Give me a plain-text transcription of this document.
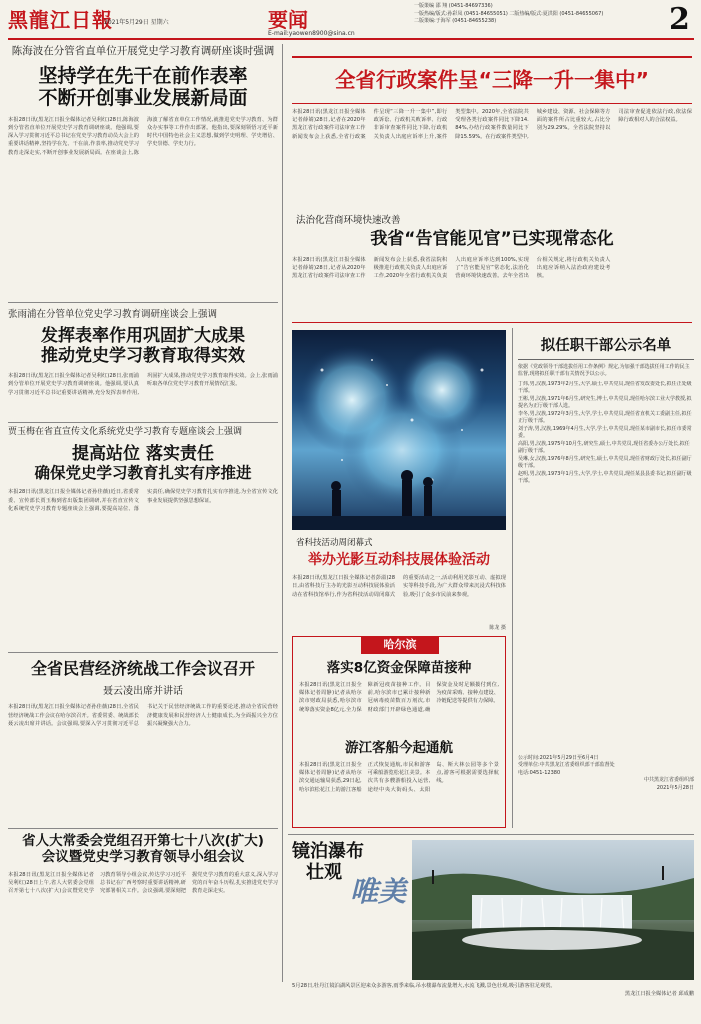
黑龍江日報
2021年5月29日 星期六	要闻
E-mail:yaowen8900@sina.cn
一版策编 邵 翔 (0451-84697336)
一版热编/版式:孙彩凤 (0451-84655051) 二版热编/版式:夏洪阳 (0451-84655067)
二版策编:于海军 (0451-84655238)	2
陈海波在分管省直单位开展党史学习教育调研座谈时强调
坚持学在先干在前作表率
不断开创事业发展新局面
本报28日讯(黑龙江日报全媒体记者吴利红)28日,陈海波到分管省直单位开展党史学习教育调研座谈。他强调,要深入学习贯彻习近平总书记在党史学习教育动员大会上的重要讲话精神,坚持学在先、干在前,作表率,推动党史学习教育走深走实,不断开创事业发展新局面。在座谈会上,陈海波了解省直单位工作情况,就推进党史学习教育、为群众办实事等工作作出部署。他指出,要深刻领悟习近平新时代中国特色社会主义思想,做到学史明理、学史增信、学史崇德、学史力行。
张雨浦在分管单位党史学习教育调研座谈会上强调
发挥表率作用巩固扩大成果
推动党史学习教育取得实效
本报28日讯(黑龙江日报全媒体记者吴利红)28日,张雨浦到分管单位开展党史学习教育调研座谈。他强调,要认真学习贯彻习近平总书记重要讲话精神,充分发挥表率作用,巩固扩大成果,推动党史学习教育取得实效。会上,张雨浦听取各单位党史学习教育开展情况汇报。
贾玉梅在省直宣传文化系统党史学习教育专题座谈会上强调
提高站位 落实责任
确保党史学习教育扎实有序推进
本报28日讯(黑龙江日报全媒体记者孙佳薇)近日,省委常委、宣传部长贾玉梅到省出版集团调研,并在省直宣传文化系统党史学习教育专题座谈会上强调,要提高站位、落实责任,确保党史学习教育扎实有序推进,为全省宣传文化事业发展提供坚强思想保证。
全省民营经济统战工作会议召开
聂云凌出席并讲话
本报28日讯(黑龙江日报全媒体记者孙佳薇)28日,全省民营经济统战工作会议在哈尔滨召开。省委常委、统战部长聂云凌出席并讲话。会议强调,要深入学习贯彻习近平总书记关于民营经济统战工作的重要论述,推动全省民营经济健康发展和民营经济人士健康成长,为全面振兴全方位振兴凝聚强大合力。
省人大常委会党组召开第七十八次(扩大)
会议暨党史学习教育领导小组会议
本报28日讯(黑龙江日报全媒体记者吴利红)28日上午,省人大常委会党组召开第七十八次(扩大)会议暨党史学习教育领导小组会议,传达学习习近平总书记在广西考察时重要讲话精神,研究部署相关工作。会议强调,要深刻把握党史学习教育的重大意义,深入学习党的百年奋斗历程,扎实推进党史学习教育走深走实。
全省行政案件呈“三降一升一集中”
本报28日讯(黑龙江日报全媒体记者薛婧)28日,记者在2020年黑龙江省行政案件司法审查工作新闻发布会上获悉,全省行政案件呈现“三降一升一集中”,即行政诉讼、行政机关败诉率、行政非诉审查案件同比下降,行政机关负责人出庭应诉率上升,案件类型集中。2020年,全省法院共受理各类行政案件同比下降14.84%,办结行政案件数量同比下降15.59%。在行政案件类型中,城乡建设、资源、社会保障等方面的案件所占比重较大,占比分别为29.29%。全省法院坚持以司法审查促进依法行政,依法保障行政相对人的合法权益。
法治化营商环境快速改善
我省“告官能见官”已实现常态化
本报28日讯(黑龙江日报全媒体记者薛婧)28日,记者从2020年黑龙江省行政案件司法审查工作新闻发布会上获悉,我省法院积极推进行政机关负责人出庭应诉工作,2020年全省行政机关负责人出庭应诉率达到100%,实现了“告官能见官”常态化,法治化营商环境快速改善。去年全省出台相关规定,将行政机关负责人出庭应诉纳入法治政府建设考核。
省科技活动周闭幕式
举办光影互动科技展体验活动
本报28日讯(黑龙江日报全媒体记者彭溢)28日,由省科技厅主办的光影互动科技展体验活动在省科技馆举行,作为省科技活动周闭幕式的重要活动之一,活动利用光影互动、虚拟现实等科技手段,为广大群众带来沉浸式科技体验,吸引了众多市民前来参观。
陈龙 摄
哈尔滨
落实8亿资金保障苗接种
本报28日讯(黑龙江日报全媒体记者周静)记者从哈尔滨市财政局获悉,哈尔滨市统筹落实资金8亿元,全力保障新冠疫苗接种工作。目前,哈尔滨市已累计接种新冠病毒疫苗数百万剂次,市财政部门开辟绿色通道,确保资金及时足额拨付到位,为疫苗采购、接种点建设、冷链配送等提供有力保障。
游江客船今起通航
本报28日讯(黑龙江日报全媒体记者周静)记者从哈尔滨交通运输局获悉,29日起,哈尔滨松花江上的游江客船正式恢复通航,市民和游客可乘船游览松花江美景。本次共有多艘游船投入运营,途经中央大街码头、太阳岛、斯大林公园等多个景点,游客可根据需要选择航线。
拟任职干部公示名单
依据《党政领导干部选拔任用工作条例》规定,为加强干部选拔任用工作的民主监督,现将拟任职干部有关情况予以公示。
丁炜,男,汉族,1973年2月生,大学,硕士,中共党员,现任省发改委处长,拟任正处级干部。
王彬,男,汉族,1971年6月生,研究生,博士,中共党员,现任哈尔滨工业大学教授,拟提名为正厅级干部人选。
李冬,男,汉族,1972年3月生,大学,学士,中共党员,现任省直机关工委副主任,拟任正厅级干部。
刘子涛,男,汉族,1969年4月生,大学,学士,中共党员,现任某市副市长,拟任市委常委。
高阳,男,汉族,1975年10月生,研究生,硕士,中共党员,现任省委办公厅处长,拟任副厅级干部。
吴琳,女,汉族,1976年8月生,研究生,硕士,中共党员,现任省财政厅处长,拟任副厅级干部。
赵明,男,汉族,1973年1月生,大学,学士,中共党员,现任某县县委书记,拟任副厅级干部。
公示时间:2021年5月29日至6月4日
受理单位:中共黑龙江省委组织部干部监督处
电话:0451-12380
中共黑龙江省委组织部
2021年5月28日
镜泊瀑布
壮观
唯美
5月28日,牡丹江镜泊湖风景区迎来众多游客,雨季来临,吊水楼瀑布流量增大,水流飞溅,景色壮观,吸引游客驻足观赏。
黑龙江日报全媒体记者 邱成鹏
